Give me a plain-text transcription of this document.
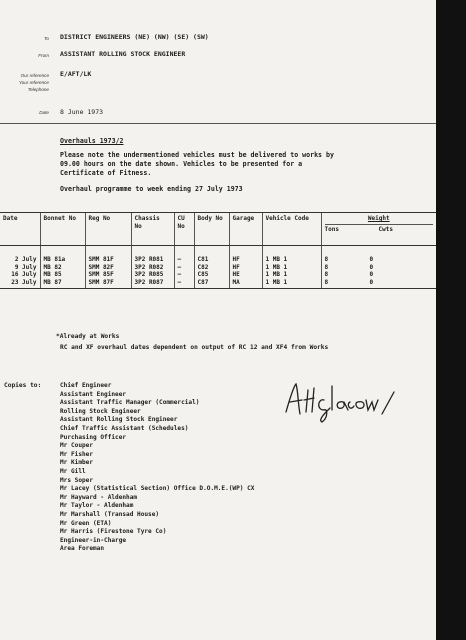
To DISTRICT ENGINEERS (NE) (NW) (SE) (SW)
From ASSISTANT ROLLING STOCK ENGINEER
Our reference E/AFT/LK
Your reference
Telephone
Date 8 June 1973
Overhauls 1973/2
Please note the undermentioned vehicles must be delivered to works by
09.00 hours on the date shown. Vehicles to be presented for a
Certificate of Fitness.
Overhaul programme to week ending 27 July 1973
Date	Bonnet No	Reg No	Chassis No	CU No	Body No	Garage	Vehicle Code	Weight
Tons Cwts

2 July	MB 81a	SMM 81F	3P2 R081	–	C81	HF	1 MB 1	8 0
9 July	MB 82	SMM 82F	3P2 R082	–	C82	HF	1 MB 1	8 0
16 July	MB 85	SMM 85F	3P2 R085	–	C85	HE	1 MB 1	8 0
23 July	MB 87	SMM 87F	3P2 R087	–	C87	MA	1 MB 1	8 0
*Already at Works
RC and XF overhaul dates dependent on output of RC 12 and XF4 from Works
Copies to:	Chief Engineer
Assistant Engineer
Assistant Traffic Manager (Commercial)
Rolling Stock Engineer
Assistant Rolling Stock Engineer
Chief Traffic Assistant (Schedules)
Purchasing Officer
Mr Couper
Mr Fisher
Mr Kimber
Mr Gill
Mrs Soper
Mr Lacey (Statistical Section) Office D.O.M.E.(WP) CX
Mr Hayward - Aldenham
Mr Taylor - Aldenham
Mr Marshall (Transad House)
Mr Green (ETA)
Mr Harris (Firestone Tyre Co)
Engineer-in-Charge
Area Foreman
